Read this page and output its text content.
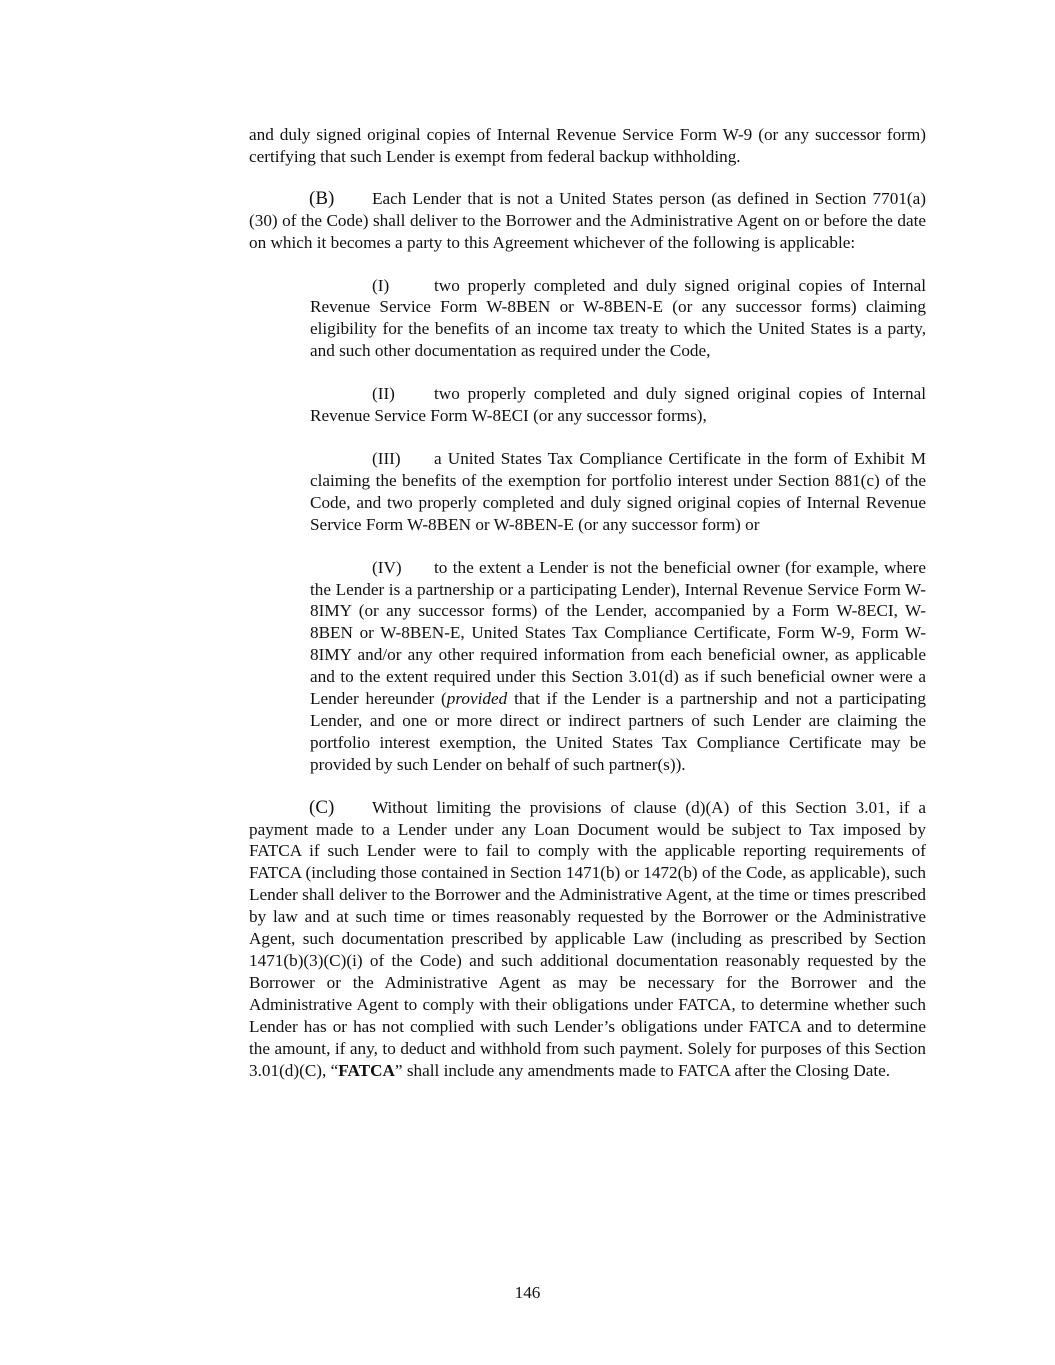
and duly signed original copies of Internal Revenue Service Form W-9 (or any successor form) certifying that such Lender is exempt from federal backup withholding.

(B) Each Lender that is not a United States person (as defined in Section 7701(a)(30) of the Code) shall deliver to the Borrower and the Administrative Agent on or before the date on which it becomes a party to this Agreement whichever of the following is applicable:

(I)	two properly completed and duly signed original copies of Internal Revenue Service Form W-8BEN or W-8BEN-E (or any successor forms) claiming eligibility for the benefits of an income tax treaty to which the United States is a party, and such other documentation as required under the Code,

(II) two properly completed and duly signed original copies of Internal Revenue Service Form W-8ECI (or any successor forms),

(III) a United States Tax Compliance Certificate in the form of Exhibit M claiming the benefits of the exemption for portfolio interest under Section 881(c) of the Code, and two properly completed and duly signed original copies of Internal Revenue Service Form W-8BEN or W-8BEN-E (or any successor form) or

(IV) to the extent a Lender is not the beneficial owner (for example, where the Lender is a partnership or a participating Lender), Internal Revenue Service Form W-8IMY (or any successor forms) of the Lender, accompanied by a Form W-8ECI, W-8BEN or W-8BEN-E, United States Tax Compliance Certificate, Form W-9, Form W-8IMY and/or any other required information from each beneficial owner, as applicable and to the extent required under this Section 3.01(d) as if such beneficial owner were a Lender hereunder (provided that if the Lender is a partnership and not a participating Lender, and one or more direct or indirect partners of such Lender are claiming the portfolio interest exemption, the United States Tax Compliance Certificate may be provided by such Lender on behalf of such partner(s)).

(C) Without limiting the provisions of clause (d)(A) of this Section 3.01, if a payment made to a Lender under any Loan Document would be subject to Tax imposed by FATCA if such Lender were to fail to comply with the applicable reporting requirements of FATCA (including those contained in Section 1471(b) or 1472(b) of the Code, as applicable), such Lender shall deliver to the Borrower and the Administrative Agent, at the time or times prescribed by law and at such time or times reasonably requested by the Borrower or the Administrative Agent, such documentation prescribed by applicable Law (including as prescribed by Section 1471(b)(3)(C)(i) of the Code) and such additional documentation reasonably requested by the Borrower or the Administrative Agent as may be necessary for the Borrower and the Administrative Agent to comply with their obligations under FATCA, to determine whether such Lender has or has not complied with such Lender’s obligations under FATCA and to determine the amount, if any, to deduct and withhold from such payment. Solely for purposes of this Section 3.01(d)(C), “FATCA” shall include any amendments made to FATCA after the Closing Date.

146
